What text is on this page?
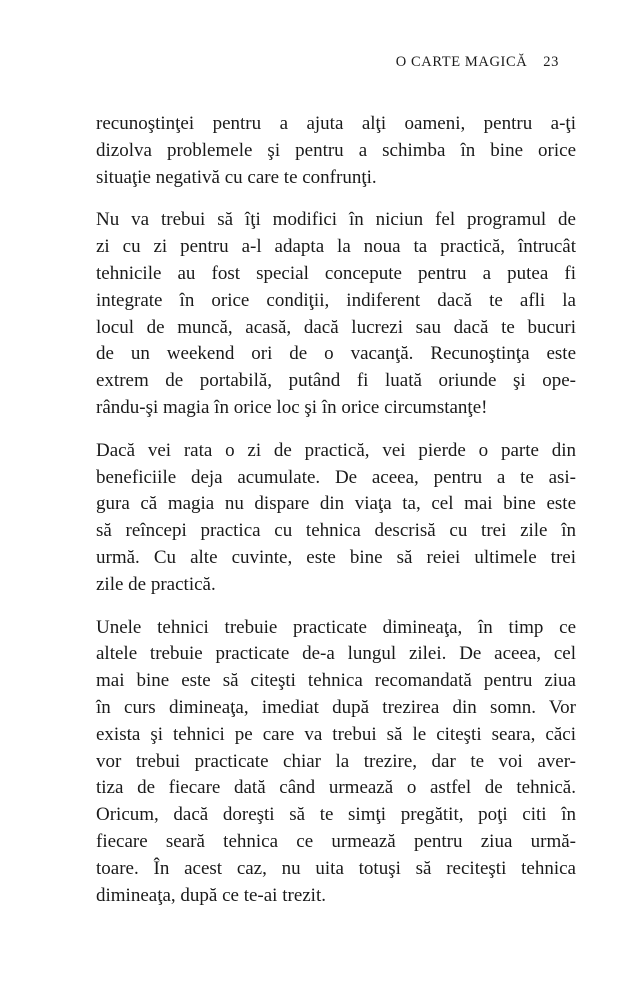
O CARTE MAGICĂ 23
recunoştinţei pentru a ajuta alţi oameni, pentru a-ţi
dizolva problemele şi pentru a schimba în bine orice
situaţie negativă cu care te confrunţi.
Nu va trebui să îţi modifici în niciun fel programul de
zi cu zi pentru a-l adapta la noua ta practică, întrucât
tehnicile au fost special concepute pentru a putea fi
integrate în orice condiţii, indiferent dacă te afli la
locul de muncă, acasă, dacă lucrezi sau dacă te bucuri
de un weekend ori de o vacanţă. Recunoştinţa este
extrem de portabilă, putând fi luată oriunde şi ope-
rându-şi magia în orice loc şi în orice circumstanţe!
Dacă vei rata o zi de practică, vei pierde o parte din
beneficiile deja acumulate. De aceea, pentru a te asi-
gura că magia nu dispare din viaţa ta, cel mai bine este
să reîncepi practica cu tehnica descrisă cu trei zile în
urmă. Cu alte cuvinte, este bine să reiei ultimele trei
zile de practică.
Unele tehnici trebuie practicate dimineaţa, în timp ce
altele trebuie practicate de-a lungul zilei. De aceea, cel
mai bine este să citeşti tehnica recomandată pentru ziua
în curs dimineaţa, imediat după trezirea din somn. Vor
exista şi tehnici pe care va trebui să le citeşti seara, căci
vor trebui practicate chiar la trezire, dar te voi aver-
tiza de fiecare dată când urmează o astfel de tehnică.
Oricum, dacă doreşti să te simţi pregătit, poţi citi în
fiecare seară tehnica ce urmează pentru ziua urmă-
toare. În acest caz, nu uita totuşi să reciteşti tehnica
dimineaţa, după ce te-ai trezit.
